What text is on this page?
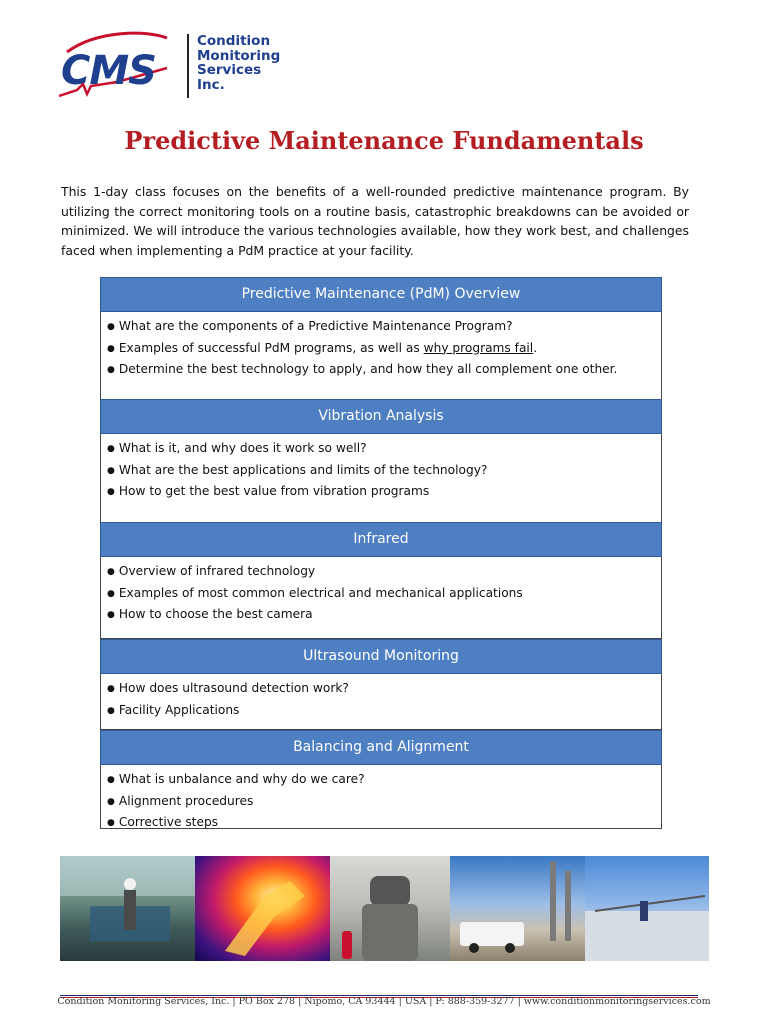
CMS
Condition
Monitoring
Services
Inc.
Predictive Maintenance Fundamentals
This 1-day class focuses on the benefits of a well-rounded predictive maintenance program. By utilizing the correct monitoring tools on a routine basis, catastrophic breakdowns can be avoided or minimized. We will introduce the various technologies available, how they work best, and challenges faced when implementing a PdM practice at your facility.
Predictive Maintenance (PdM) Overview
● What are the components of a Predictive Maintenance Program?
● Examples of successful PdM programs, as well as why programs fail.
● Determine the best technology to apply, and how they all complement one other.
Vibration Analysis
● What is it, and why does it work so well?
● What are the best applications and limits of the technology?
● How to get the best value from vibration programs
Infrared
● Overview of infrared technology
● Examples of most common electrical and mechanical applications
● How to choose the best camera
Ultrasound Monitoring
● How does ultrasound detection work?
● Facility Applications
Balancing and Alignment
● What is unbalance and why do we care?
● Alignment procedures
● Corrective steps
Condition Monitoring Services, Inc. | PO Box 278 | Nipomo, CA 93444 | USA | P: 888-359-3277 | www.conditionmonitoringservices.com
